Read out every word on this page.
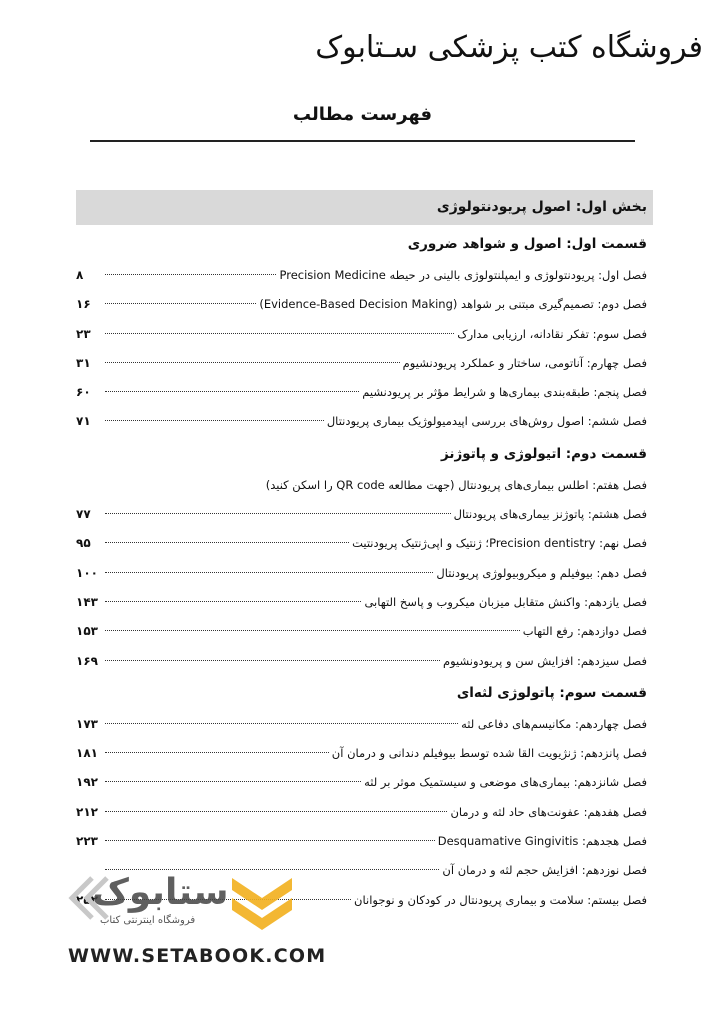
فروشگاه کتب پزشکی سـتابوک
فهرست مطالب
بخش اول: اصول پریودنتولوژی
قسمت اول: اصول و شواهد ضروری
فصل اول: پریودنتولوژی و ایمپلنتولوژی بالینی در حیطه Precision Medicine
۸
فصل دوم: تصمیم‌گیری مبتنی بر شواهد (Evidence-Based Decision Making)
۱۶
فصل سوم: تفکر نقادانه، ارزیابی مدارک
۲۳
فصل چهارم: آناتومی، ساختار و عملکرد پریودنشیوم
۳۱
فصل پنجم: طبقه‌بندی بیماری‌ها و شرایط مؤثر بر پریودنشیم
۶۰
فصل ششم: اصول روش‌های بررسی اپیدمیولوژیک بیماری پریودنتال
۷۱
قسمت دوم: اتیولوژی و پاتوژنز
فصل هفتم: اطلس بیماری‌های پریودنتال (جهت مطالعه QR code را اسکن کنید)
فصل هشتم: پاتوژنز بیماری‌های پریودنتال
۷۷
فصل نهم: Precision dentistry؛ ژنتیک و اپی‌ژنتیک پریودنتیت
۹۵
فصل دهم: بیوفیلم و میکروبیولوژی پریودنتال
۱۰۰
فصل یازدهم: واکنش متقابل میزبان میکروب و پاسخ التهابی
۱۴۳
فصل دوازدهم: رفع التهاب
۱۵۳
فصل سیزدهم: افزایش سن و پریودونشیوم
۱۶۹
قسمت سوم: پاتولوژی لثه‌ای
فصل چهاردهم: مکانیسم‌های دفاعی لثه
۱۷۳
فصل پانزدهم: ژنژیویت القا شده توسط بیوفیلم دندانی و درمان آن
۱۸۱
فصل شانزدهم: بیماری‌های موضعی و سیستمیک موثر بر لثه
۱۹۲
فصل هفدهم: عفونت‌های حاد لثه و درمان
۲۱۲
فصل هجدهم: Desquamative Gingivitis
۲۲۳
فصل نوزدهم: افزایش حجم لثه و درمان آن
فصل بیستم: سلامت و بیماری پریودنتال در کودکان و نوجوانان
۲۵۲
ستابوک
فروشگاه اینترنتی کتاب
WWW.SETABOOK.COM
